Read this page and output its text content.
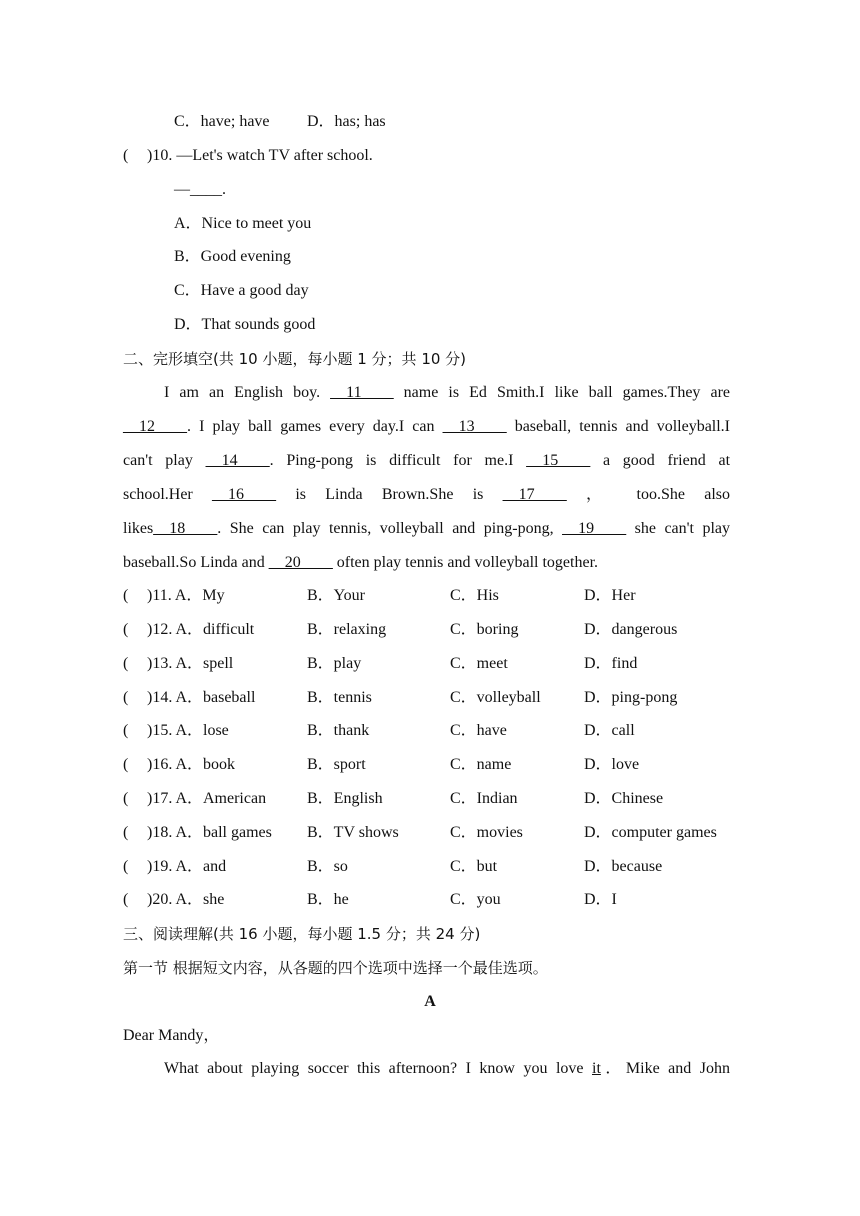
C．have; have D．has; has
( )10. —Let's watch TV after school.
—____.
A．Nice to meet you
B．Good evening
C．Have a good day
D．That sounds good
二、完形填空(共 10 小题，每小题 1 分；共 10 分)
I am an English boy. __11____ name is Ed Smith.I like ball games.They are
__12____. I play ball games every day.I can __13____ baseball, tennis and volleyball.I
can't play __14____. Ping-pong is difficult for me.I __15____ a good friend at
school.Her __16____ is Linda Brown.She is __17____ ， too.She also
likes__18____. She can play tennis, volleyball and ping-pong, __19____ she can't play
baseball.So Linda and __20____ often play tennis and volleyball together.
( )11. A．My	B．Your	C．His	D．Her
( )12. A．difficult	B．relaxing	C．boring	D．dangerous
( )13. A．spell	B．play	C．meet	D．find
( )14. A．baseball	B．tennis	C．volleyball	D．ping-pong
( )15. A．lose	B．thank	C．have	D．call
( )16. A．book	B．sport	C．name	D．love
( )17. A．American	B．English	C．Indian	D．Chinese
( )18. A．ball games B．TV shows	C．movies	D．computer games
( )19. A．and	B．so	C．but	D．because
( )20. A．she	B．he	C．you	D．I
三、阅读理解(共 16 小题，每小题 1.5 分；共 24 分)
第一节 根据短文内容，从各题的四个选项中选择一个最佳选项。
A
Dear Mandy，
What about playing soccer this afternoon? I know you love it．Mike and John
